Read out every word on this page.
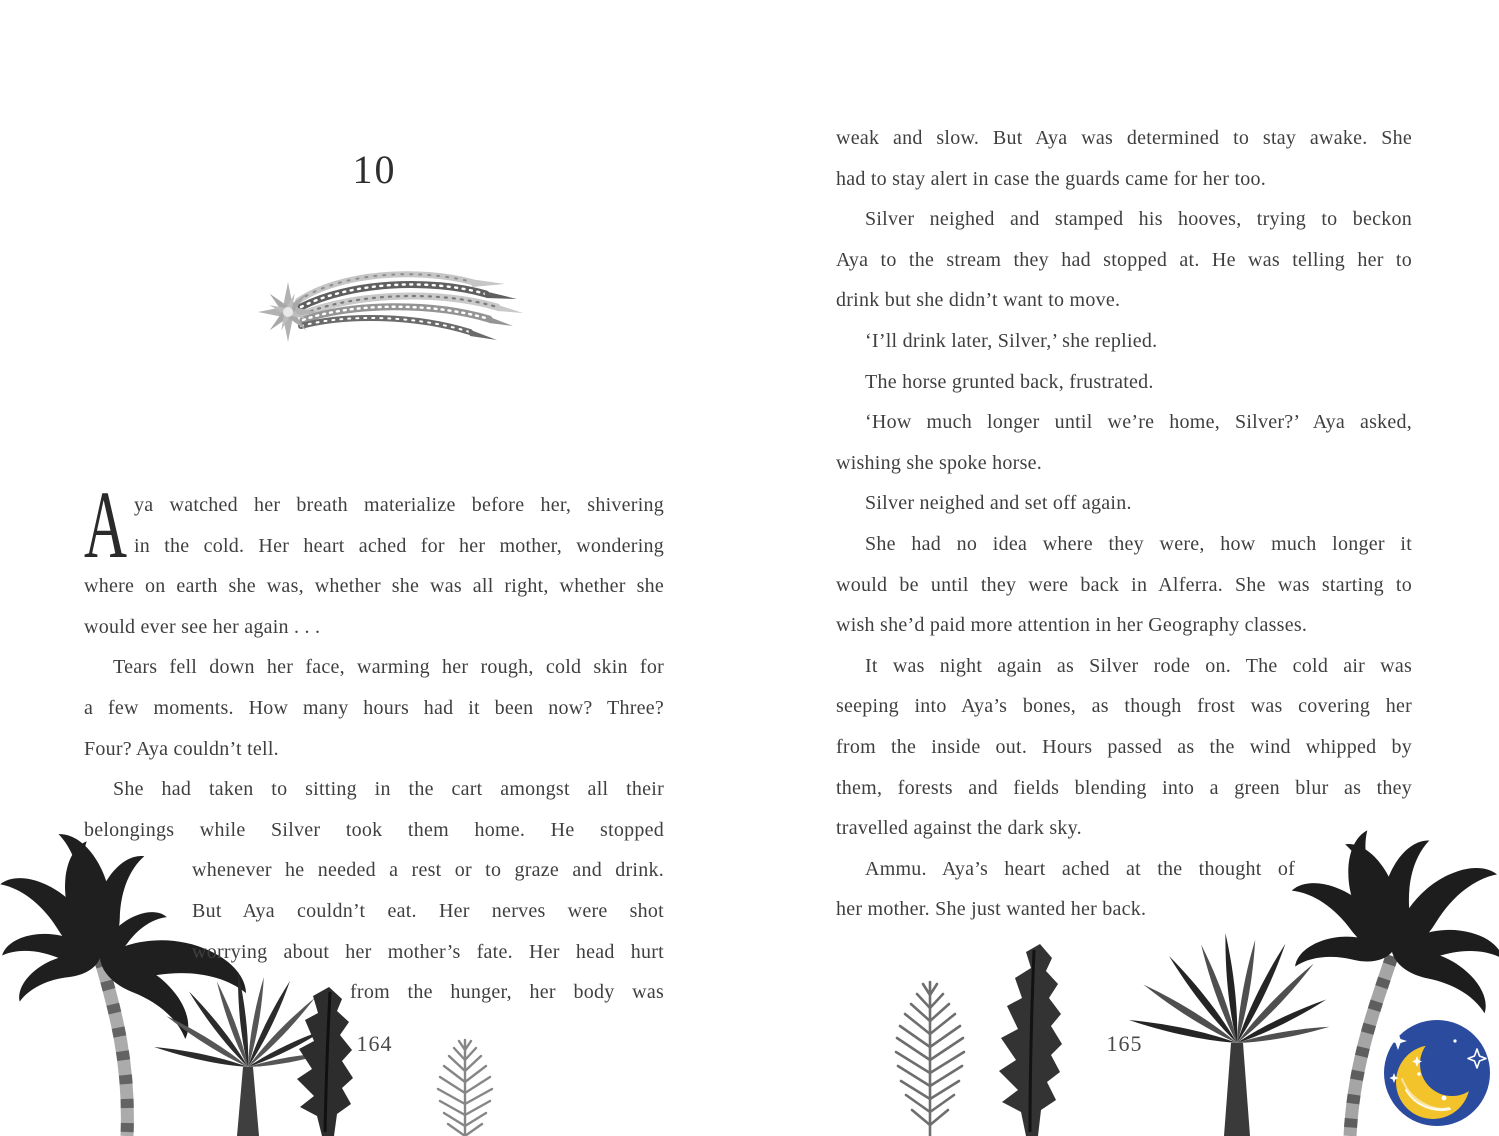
10
A ya watched her breath materialize before her, shivering
in the cold. Her heart ached for her mother, wondering
where on earth she was, whether she was all right, whether she
would ever see her again . . .
Tears fell down her face, warming her rough, cold skin for
a few moments. How many hours had it been now? Three?
Four? Aya couldn’t tell.
She had taken to sitting in the cart amongst all their
belongings while Silver took them home. He stopped
whenever he needed a rest or to graze and drink.
But Aya couldn’t eat. Her nerves were shot
worrying about her mother’s fate. Her head hurt
from the hunger, her body was
weak and slow. But Aya was determined to stay awake. She
had to stay alert in case the guards came for her too.
Silver neighed and stamped his hooves, trying to beckon
Aya to the stream they had stopped at. He was telling her to
drink but she didn’t want to move.
‘I’ll drink later, Silver,’ she replied.
The horse grunted back, frustrated.
‘How much longer until we’re home, Silver?’ Aya asked,
wishing she spoke horse.
Silver neighed and set off again.
She had no idea where they were, how much longer it
would be until they were back in Alferra. She was starting to
wish she’d paid more attention in her Geography classes.
It was night again as Silver rode on. The cold air was
seeping into Aya’s bones, as though frost was covering her
from the inside out. Hours passed as the wind whipped by
them, forests and fields blending into a green blur as they
travelled against the dark sky.
Ammu. Aya’s heart ached at the thought of
her mother. She just wanted her back.
164	165
